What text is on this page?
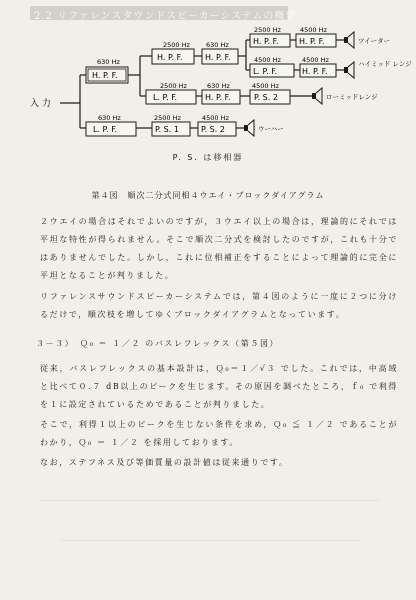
2.2 リファレンスタウンドスピーカーシステムの概要
入 力
630 Hz
H. P. F.
2500 Hz
H. P. F.
630 Hz
H. P. F.
2500 Hz
H. P. F.
4500 Hz
H. P. F.	ツイーター
4500 Hz
L. P. F.
4500 Hz
H. P. F.
ハイミッド レンジ
2500 Hz
L. P. F.
630 Hz
H. P. F.
4500 Hz
P. S. 2	ローミッドレンジ
630 Hz
L. P. F.
2500 Hz
P. S. 1
4500 Hz
P. S. 2	ウーハー
P. S. は移相器
第４図　順次二分式同相４ウエイ・ブロックダイアグラム

２ウエイの場合はそれでよいのですが，３ウエイ以上の場合は，理論的にそれでは平坦な特性が得られません。そこで順次二分式を検討したのですが，これも十分ではありませんでした。しかし，これに位相補正をすることによって理論的に完全に平坦となることが判りました。

リファレンスサウンドスピーカーシステムでは，第４図のように一度に２つに分けるだけで，順次枝を増してゆくブロックダイアグラムとなっています。

３－３）　Ｑ₀ ＝ １／２ のバスレフレックス（第５図）

従来，バスレフレックスの基本設計は，Ｑ₀＝１／√３ でした。これでは，中高域と比べて０.７ dB以上のピークを生じます。その原因を調べたところ，ｆ₀ で利得を１に設定されているためであることが判りました。

そこで，利得１以上のピークを生じない条件を求め，Ｑ₀ ≦ １／２ であることがわかり，Ｑ₀ ＝ １／２ を採用しております。

なお，ステフネス及び等価質量の設計値は従来通りです。
